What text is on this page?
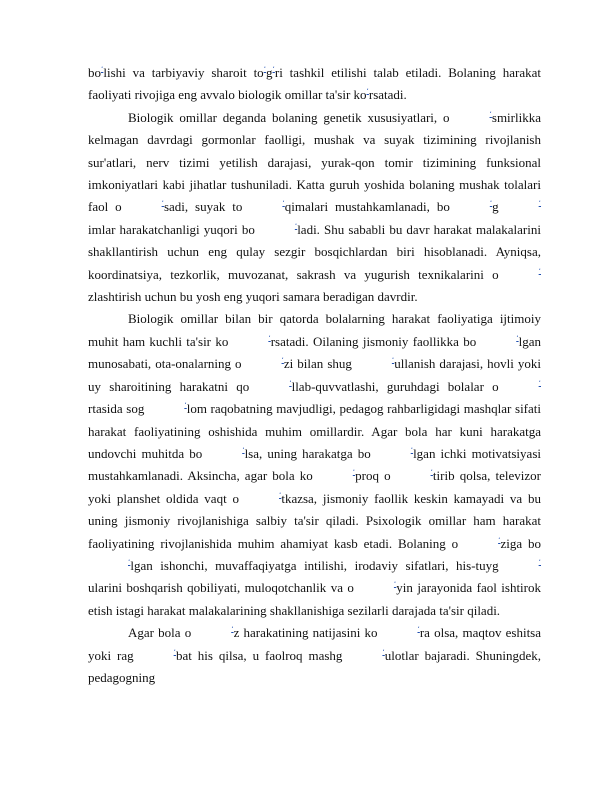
boʻlishi va tarbiyaviy sharoit toʻgʻri tashkil etilishi talab etiladi. Bolaning harakat faoliyati rivojiga eng avvalo biologik omillar ta'sir koʻrsatadi.

Biologik omillar deganda bolaning genetik xususiyatlari, o	ʻsmirlikka kelmagan davrdagi gormonlar faolligi, mushak va suyak tizimining rivojlanish sur'atlari, nerv tizimi yetilish darajasi, yurak-qon tomir tizimining funksional imkoniyatlari kabi jihatlar tushuniladi. Katta guruh yoshida bolaning mushak tolalari faol o	ʻsadi, suyak to	ʻqimalari mustahkamlanadi, bo	ʻg	ʻimlar harakatchanligi yuqori bo	ʻladi. Shu sababli bu davr harakat malakalarini shakllantirish uchun eng qulay sezgir bosqichlardan biri hisoblanadi. Ayniqsa, koordinatsiya, tezkorlik, muvozanat, sakrash va yugurish texnikalarini o	ʻzlashtirish uchun bu yosh eng yuqori samara beradigan davrdir.

Biologik omillar bilan bir qatorda bolalarning harakat faoliyatiga ijtimoiy muhit ham kuchli ta'sir ko	ʻrsatadi. Oilaning jismoniy faollikka bo	ʻlgan munosabati, ota-onalarning o	ʻzi bilan shug	ʻullanish darajasi, hovli yoki uy sharoitining harakatni qo	ʻllab-quvvatlashi, guruhdagi bolalar o	ʻrtasida sog	ʻlom raqobatning mavjudligi, pedagog rahbarligidagi mashqlar sifati harakat faoliyatining oshishida muhim omillardir. Agar bola har kuni harakatga undovchi muhitda bo	ʻlsa, uning harakatga bo	ʻlgan ichki motivatsiyasi mustahkamlanadi. Aksincha, agar bola ko	ʻproq o	ʻtirib qolsa, televizor yoki planshet oldida vaqt o	ʻtkazsa, jismoniy faollik keskin kamayadi va bu uning jismoniy rivojlanishiga salbiy ta'sir qiladi. Psixologik omillar ham harakat faoliyatining rivojlanishida muhim ahamiyat kasb etadi. Bolaning o	ʻziga boʻlgan ishonchi, muvaffaqiyatga intilishi, irodaviy sifatlari, his-tuyg	ʻularini boshqarish qobiliyati, muloqotchanlik va o	ʻyin jarayonida faol ishtirok etish istagi harakat malakalarining shakllanishiga sezilarli darajada ta'sir qiladi.

Agar bola o	ʻz harakatining natijasini ko	ʻra olsa, maqtov eshitsa yoki rag	ʻbat his qilsa, u faolroq mashg	ʻulotlar bajaradi. Shuningdek, pedagogning
